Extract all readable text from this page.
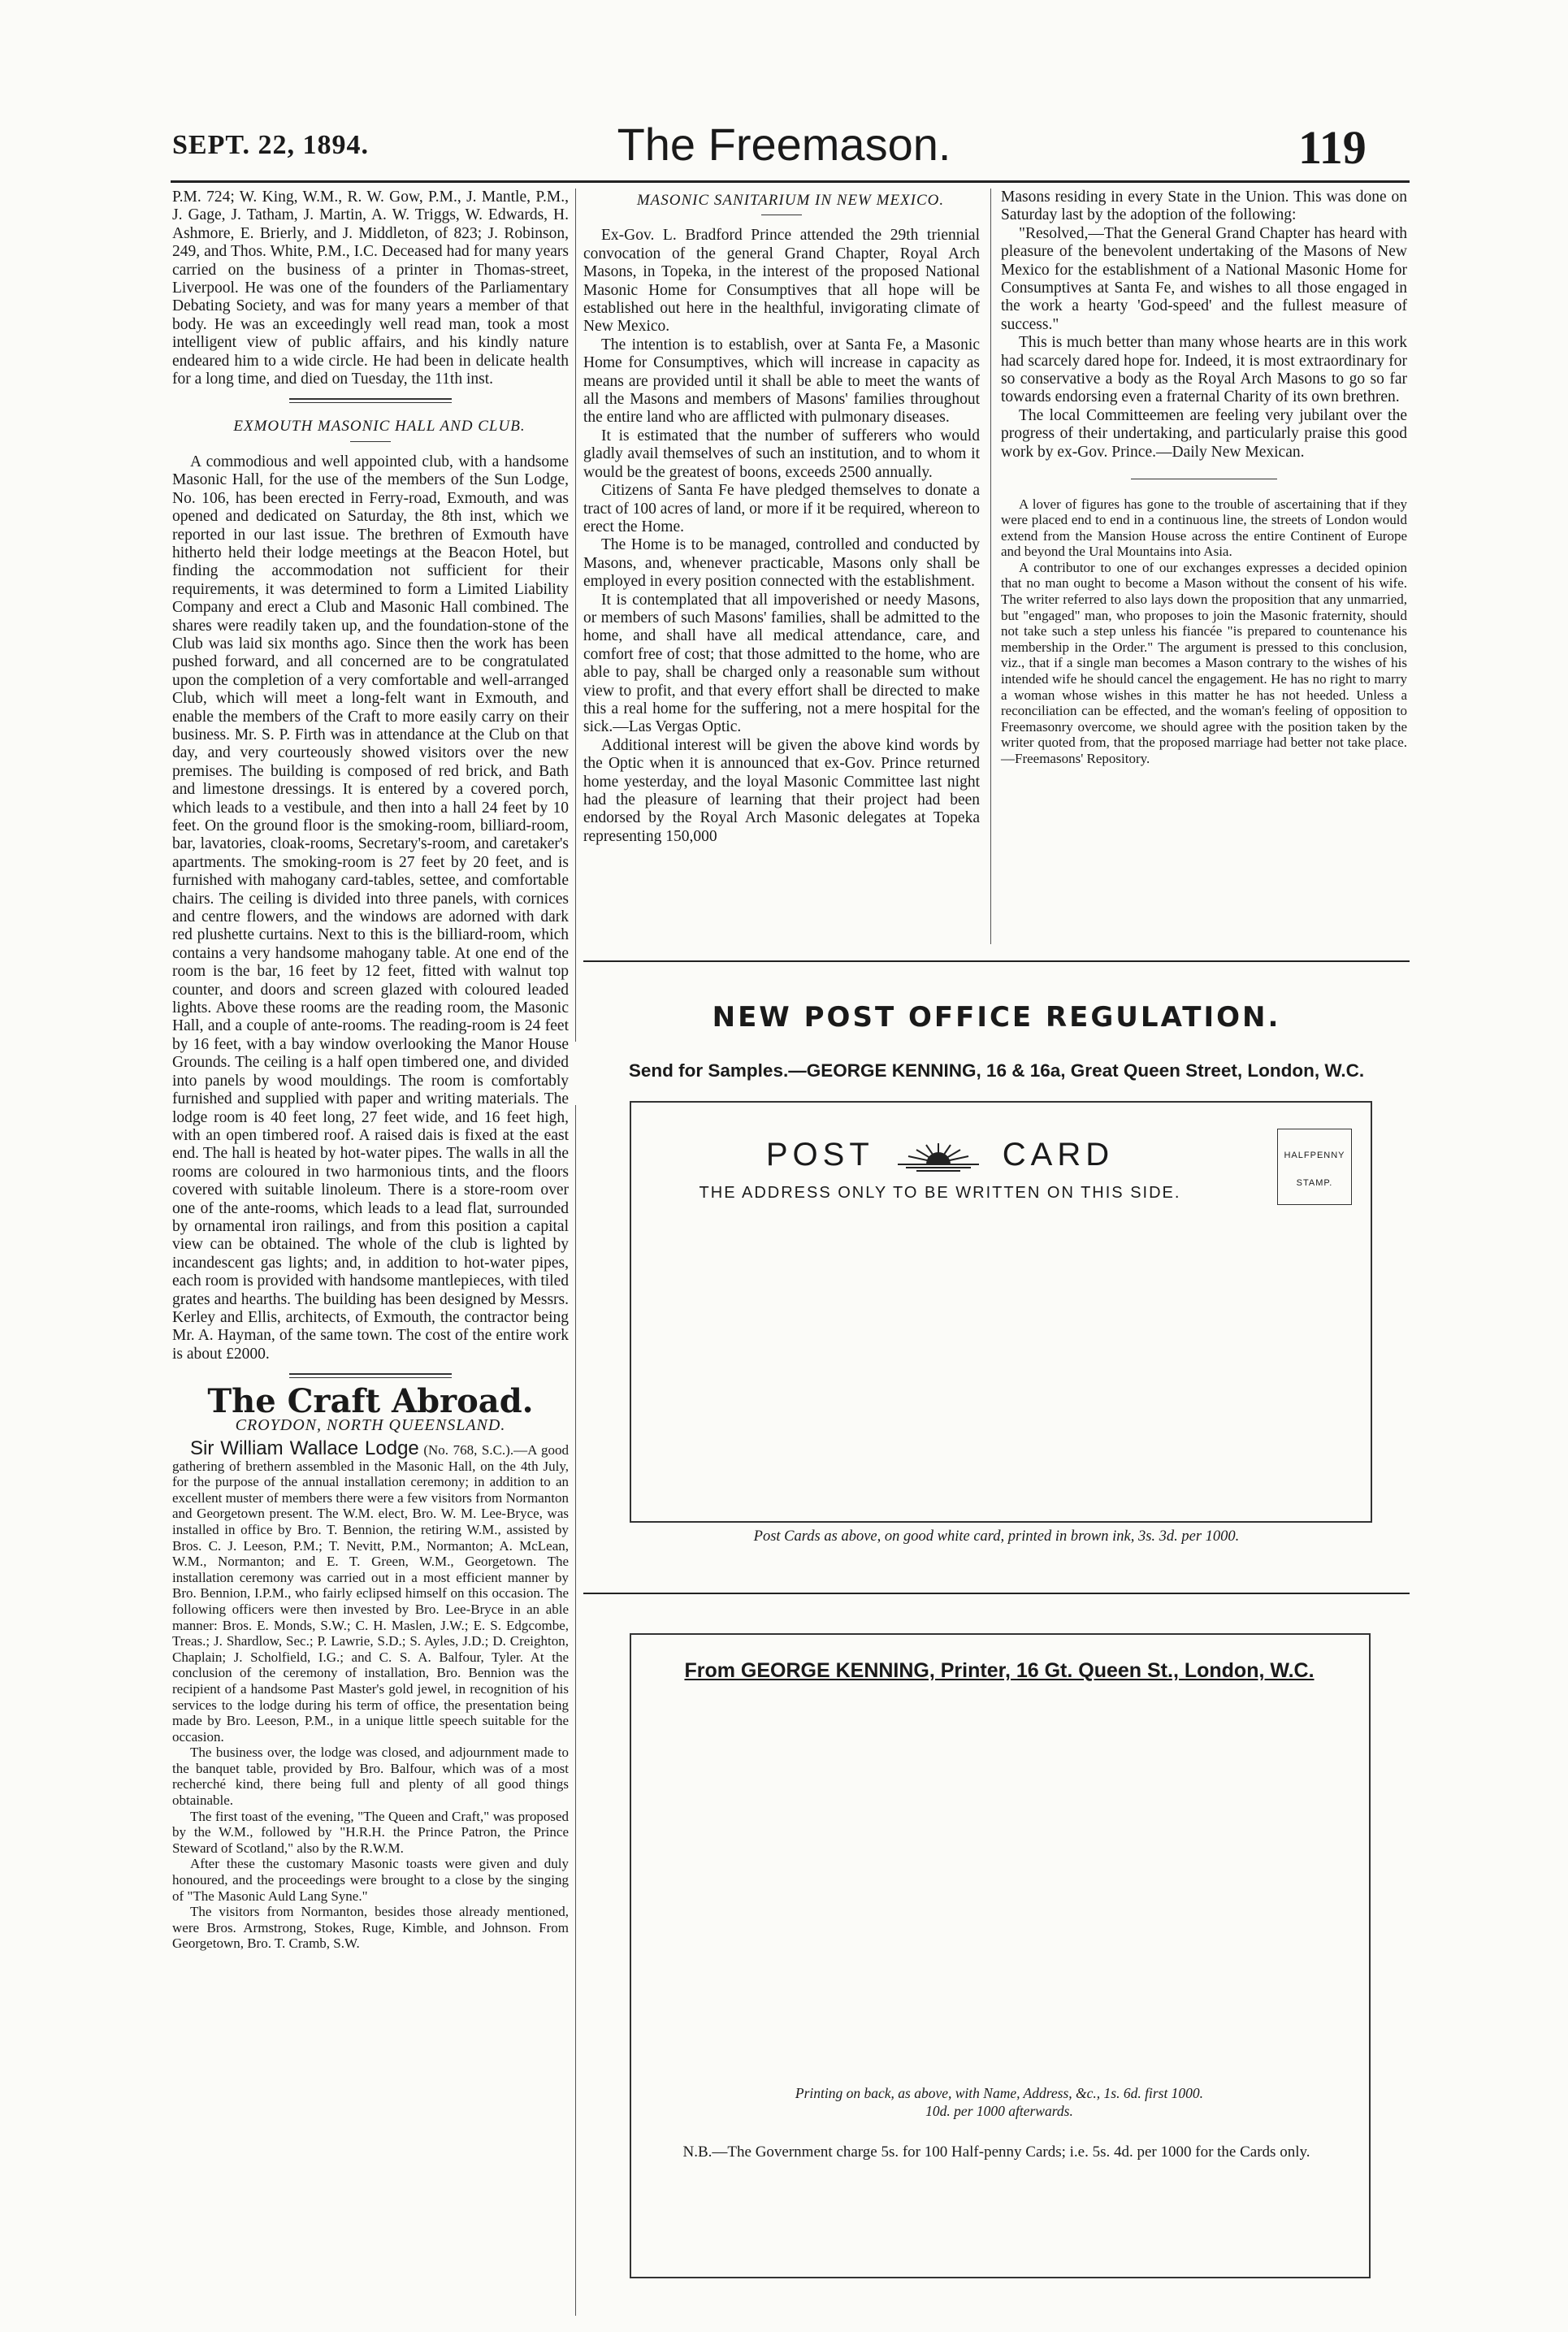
SEPT. 22, 1894.	The Freemason.	119

P.M. 724; W. King, W.M., R. W. Gow, P.M., J. Mantle, P.M., J. Gage, J. Tatham, J. Martin, A. W. Triggs, W. Edwards, H. Ashmore, E. Brierly, and J. Middleton, of 823; J. Robinson, 249, and Thos. White, P.M., I.C. Deceased had for many years carried on the business of a printer in Thomas-street, Liverpool. He was one of the founders of the Parliamentary Debating Society, and was for many years a member of that body. He was an exceedingly well read man, took a most intelligent view of public affairs, and his kindly nature endeared him to a wide circle. He had been in delicate health for a long time, and died on Tuesday, the 11th inst.

EXMOUTH MASONIC HALL AND CLUB.

A commodious and well appointed club, with a handsome Masonic Hall, for the use of the members of the Sun Lodge, No. 106, has been erected in Ferry-road, Exmouth, and was opened and dedicated on Saturday, the 8th inst, which we reported in our last issue. The brethren of Exmouth have hitherto held their lodge meetings at the Beacon Hotel, but finding the accommodation not sufficient for their requirements, it was determined to form a Limited Liability Company and erect a Club and Masonic Hall combined. The shares were readily taken up, and the foundation-stone of the Club was laid six months ago. Since then the work has been pushed forward, and all concerned are to be congratulated upon the completion of a very comfortable and well-arranged Club, which will meet a long-felt want in Exmouth, and enable the members of the Craft to more easily carry on their business. Mr. S. P. Firth was in attendance at the Club on that day, and very courteously showed visitors over the new premises. The building is composed of red brick, and Bath and limestone dressings. It is entered by a covered porch, which leads to a vestibule, and then into a hall 24 feet by 10 feet. On the ground floor is the smoking-room, billiard-room, bar, lavatories, cloak-rooms, Secretary's-room, and caretaker's apartments. The smoking-room is 27 feet by 20 feet, and is furnished with mahogany card-tables, settee, and comfortable chairs. The ceiling is divided into three panels, with cornices and centre flowers, and the windows are adorned with dark red plushette curtains. Next to this is the billiard-room, which contains a very handsome mahogany table. At one end of the room is the bar, 16 feet by 12 feet, fitted with walnut top counter, and doors and screen glazed with coloured leaded lights. Above these rooms are the reading room, the Masonic Hall, and a couple of ante-rooms. The reading-room is 24 feet by 16 feet, with a bay window overlooking the Manor House Grounds. The ceiling is a half open timbered one, and divided into panels by wood mouldings. The room is comfortably furnished and supplied with paper and writing materials. The lodge room is 40 feet long, 27 feet wide, and 16 feet high, with an open timbered roof. A raised dais is fixed at the east end. The hall is heated by hot-water pipes. The walls in all the rooms are coloured in two harmonious tints, and the floors covered with suitable linoleum. There is a store-room over one of the ante-rooms, which leads to a lead flat, surrounded by ornamental iron railings, and from this position a capital view can be obtained. The whole of the club is lighted by incandescent gas lights; and, in addition to hot-water pipes, each room is provided with handsome mantlepieces, with tiled grates and hearths. The building has been designed by Messrs. Kerley and Ellis, architects, of Exmouth, the contractor being Mr. A. Hayman, of the same town. The cost of the entire work is about £2000.

The Craft Abroad.
CROYDON, NORTH QUEENSLAND.

Sir William Wallace Lodge (No. 768, S.C.).—A good gathering of brethern assembled in the Masonic Hall, on the 4th July, for the purpose of the annual installation ceremony; in addition to an excellent muster of members there were a few visitors from Normanton and Georgetown present. The W.M. elect, Bro. W. M. Lee-Bryce, was installed in office by Bro. T. Bennion, the retiring W.M., assisted by Bros. C. J. Leeson, P.M.; T. Nevitt, P.M., Normanton; A. McLean, W.M., Normanton; and E. T. Green, W.M., Georgetown. The installation ceremony was carried out in a most efficient manner by Bro. Bennion, I.P.M., who fairly eclipsed himself on this occasion. The following officers were then invested by Bro. Lee-Bryce in an able manner: Bros. E. Monds, S.W.; C. H. Maslen, J.W.; E. S. Edgcombe, Treas.; J. Shardlow, Sec.; P. Lawrie, S.D.; S. Ayles, J.D.; D. Creighton, Chaplain; J. Scholfield, I.G.; and C. S. A. Balfour, Tyler. At the conclusion of the ceremony of installation, Bro. Bennion was the recipient of a handsome Past Master's gold jewel, in recognition of his services to the lodge during his term of office, the presentation being made by Bro. Leeson, P.M., in a unique little speech suitable for the occasion.

The business over, the lodge was closed, and adjournment made to the banquet table, provided by Bro. Balfour, which was of a most recherché kind, there being full and plenty of all good things obtainable.

The first toast of the evening, "The Queen and Craft," was proposed by the W.M., followed by "H.R.H. the Prince Patron, the Prince Steward of Scotland," also by the R.W.M.

After these the customary Masonic toasts were given and duly honoured, and the proceedings were brought to a close by the singing of "The Masonic Auld Lang Syne."

The visitors from Normanton, besides those already mentioned, were Bros. Armstrong, Stokes, Ruge, Kimble, and Johnson. From Georgetown, Bro. T. Cramb, S.W.

MASONIC SANITARIUM IN NEW MEXICO.

Ex-Gov. L. Bradford Prince attended the 29th triennial convocation of the general Grand Chapter, Royal Arch Masons, in Topeka, in the interest of the proposed National Masonic Home for Consumptives that all hope will be established out here in the healthful, invigorating climate of New Mexico.

The intention is to establish, over at Santa Fe, a Masonic Home for Consumptives, which will increase in capacity as means are provided until it shall be able to meet the wants of all the Masons and members of Masons' families throughout the entire land who are afflicted with pulmonary diseases.

It is estimated that the number of sufferers who would gladly avail themselves of such an institution, and to whom it would be the greatest of boons, exceeds 2500 annually.

Citizens of Santa Fe have pledged themselves to donate a tract of 100 acres of land, or more if it be required, whereon to erect the Home.

The Home is to be managed, controlled and conducted by Masons, and, whenever practicable, Masons only shall be employed in every position connected with the establishment.

It is contemplated that all impoverished or needy Masons, or members of such Masons' families, shall be admitted to the home, and shall have all medical attendance, care, and comfort free of cost; that those admitted to the home, who are able to pay, shall be charged only a reasonable sum without view to profit, and that every effort shall be directed to make this a real home for the suffering, not a mere hospital for the sick.—Las Vergas Optic.

Additional interest will be given the above kind words by the Optic when it is announced that ex-Gov. Prince returned home yesterday, and the loyal Masonic Committee last night had the pleasure of learning that their project had been endorsed by the Royal Arch Masonic delegates at Topeka representing 150,000

Masons residing in every State in the Union. This was done on Saturday last by the adoption of the following:

"Resolved,—That the General Grand Chapter has heard with pleasure of the benevolent undertaking of the Masons of New Mexico for the establishment of a National Masonic Home for Consumptives at Santa Fe, and wishes to all those engaged in the work a hearty 'God-speed' and the fullest measure of success."

This is much better than many whose hearts are in this work had scarcely dared hope for. Indeed, it is most extraordinary for so conservative a body as the Royal Arch Masons to go so far towards endorsing even a fraternal Charity of its own brethren.

The local Committeemen are feeling very jubilant over the progress of their undertaking, and particularly praise this good work by ex-Gov. Prince.—Daily New Mexican.

A lover of figures has gone to the trouble of ascertaining that if they were placed end to end in a continuous line, the streets of London would extend from the Mansion House across the entire Continent of Europe and beyond the Ural Mountains into Asia.

A contributor to one of our exchanges expresses a decided opinion that no man ought to become a Mason without the consent of his wife. The writer referred to also lays down the proposition that any unmarried, but "engaged" man, who proposes to join the Masonic fraternity, should not take such a step unless his fiancée "is prepared to countenance his membership in the Order." The argument is pressed to this conclusion, viz., that if a single man becomes a Mason contrary to the wishes of his intended wife he should cancel the engagement. He has no right to marry a woman whose wishes in this matter he has not heeded. Unless a reconciliation can be effected, and the woman's feeling of opposition to Freemasonry overcome, we should agree with the position taken by the writer quoted from, that the proposed marriage had better not take place.—Freemasons' Repository.

NEW POST OFFICE REGULATION.
Send for Samples.—GEORGE KENNING, 16 & 16a, Great Queen Street, London, W.C.
POST	CARD
THE ADDRESS ONLY TO BE WRITTEN ON THIS SIDE.
HALFPENNY
STAMP.
Post Cards as above, on good white card, printed in brown ink, 3s. 3d. per 1000.
From GEORGE KENNING, Printer, 16 Gt. Queen St., London, W.C.
Printing on back, as above, with Name, Address, &c., 1s. 6d. first 1000.
10d. per 1000 afterwards.
N.B.—The Government charge 5s. for 100 Half-penny Cards; i.e. 5s. 4d. per 1000 for the Cards only.
